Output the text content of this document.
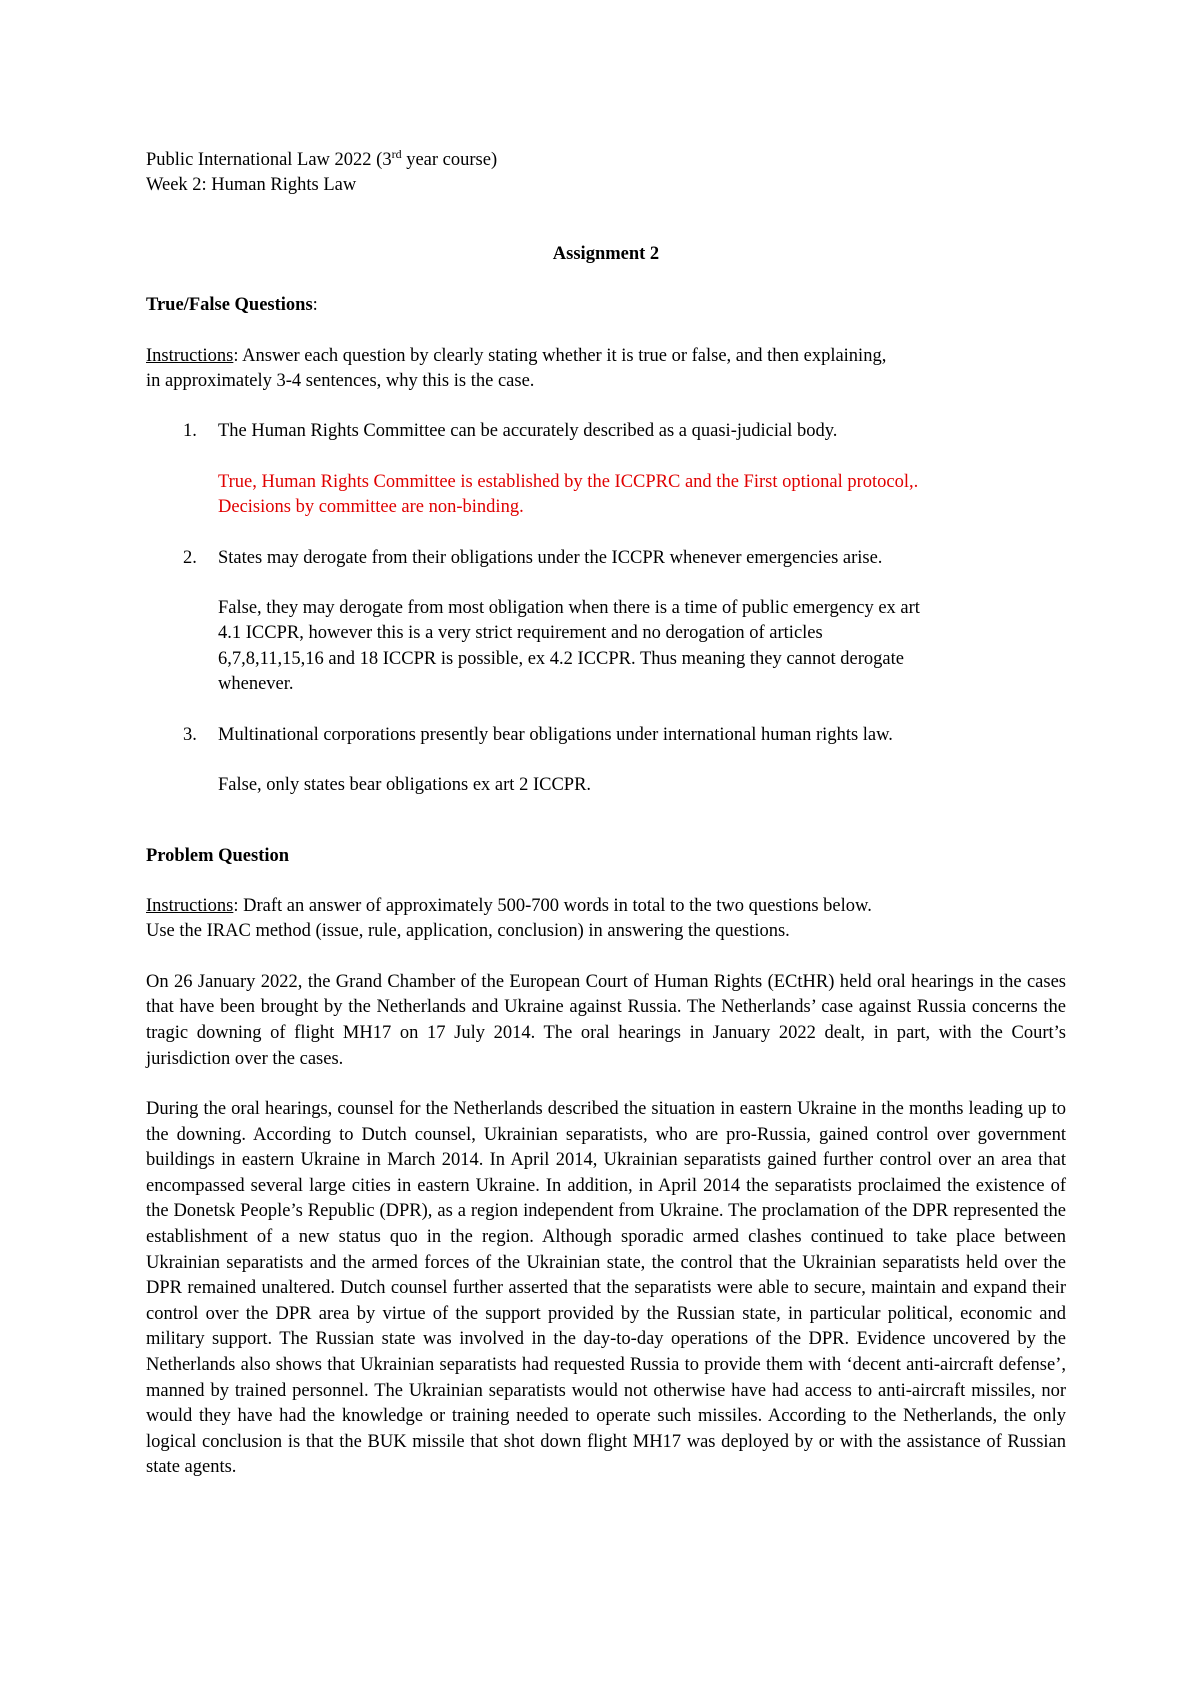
Public International Law 2022 (3rd year course)
Week 2: Human Rights Law
Assignment 2
True/False Questions:
Instructions: Answer each question by clearly stating whether it is true or false, and then explaining,
in approximately 3-4 sentences, why this is the case.
1.	The Human Rights Committee can be accurately described as a quasi-judicial body.
True, Human Rights Committee is established by the ICCPRC and the First optional protocol,.
Decisions by committee are non-binding.
2.	States may derogate from their obligations under the ICCPR whenever emergencies arise.
False, they may derogate from most obligation when there is a time of public emergency ex art
4.1 ICCPR, however this is a very strict requirement and no derogation of articles
6,7,8,11,15,16 and 18 ICCPR is possible, ex 4.2 ICCPR. Thus meaning they cannot derogate
whenever.
3.	Multinational corporations presently bear obligations under international human rights law.
False, only states bear obligations ex art 2 ICCPR.
Problem Question
Instructions: Draft an answer of approximately 500-700 words in total to the two questions below.
Use the IRAC method (issue, rule, application, conclusion) in answering the questions.
On 26 January 2022, the Grand Chamber of the European Court of Human Rights (ECtHR) held oral hearings in the cases that have been brought by the Netherlands and Ukraine against Russia. The Netherlands’ case against Russia concerns the tragic downing of flight MH17 on 17 July 2014. The oral hearings in January 2022 dealt, in part, with the Court’s jurisdiction over the cases.
During the oral hearings, counsel for the Netherlands described the situation in eastern Ukraine in the months leading up to the downing. According to Dutch counsel, Ukrainian separatists, who are pro-Russia, gained control over government buildings in eastern Ukraine in March 2014. In April 2014, Ukrainian separatists gained further control over an area that encompassed several large cities in eastern Ukraine. In addition, in April 2014 the separatists proclaimed the existence of the Donetsk People’s Republic (DPR), as a region independent from Ukraine. The proclamation of the DPR represented the establishment of a new status quo in the region. Although sporadic armed clashes continued to take place between Ukrainian separatists and the armed forces of the Ukrainian state, the control that the Ukrainian separatists held over the DPR remained unaltered. Dutch counsel further asserted that the separatists were able to secure, maintain and expand their control over the DPR area by virtue of the support provided by the Russian state, in particular political, economic and military support. The Russian state was involved in the day-to-day operations of the DPR. Evidence uncovered by the Netherlands also shows that Ukrainian separatists had requested Russia to provide them with ‘decent anti-aircraft defense’, manned by trained personnel. The Ukrainian separatists would not otherwise have had access to anti-aircraft missiles, nor would they have had the knowledge or training needed to operate such missiles. According to the Netherlands, the only logical conclusion is that the BUK missile that shot down flight MH17 was deployed by or with the assistance of Russian state agents.
